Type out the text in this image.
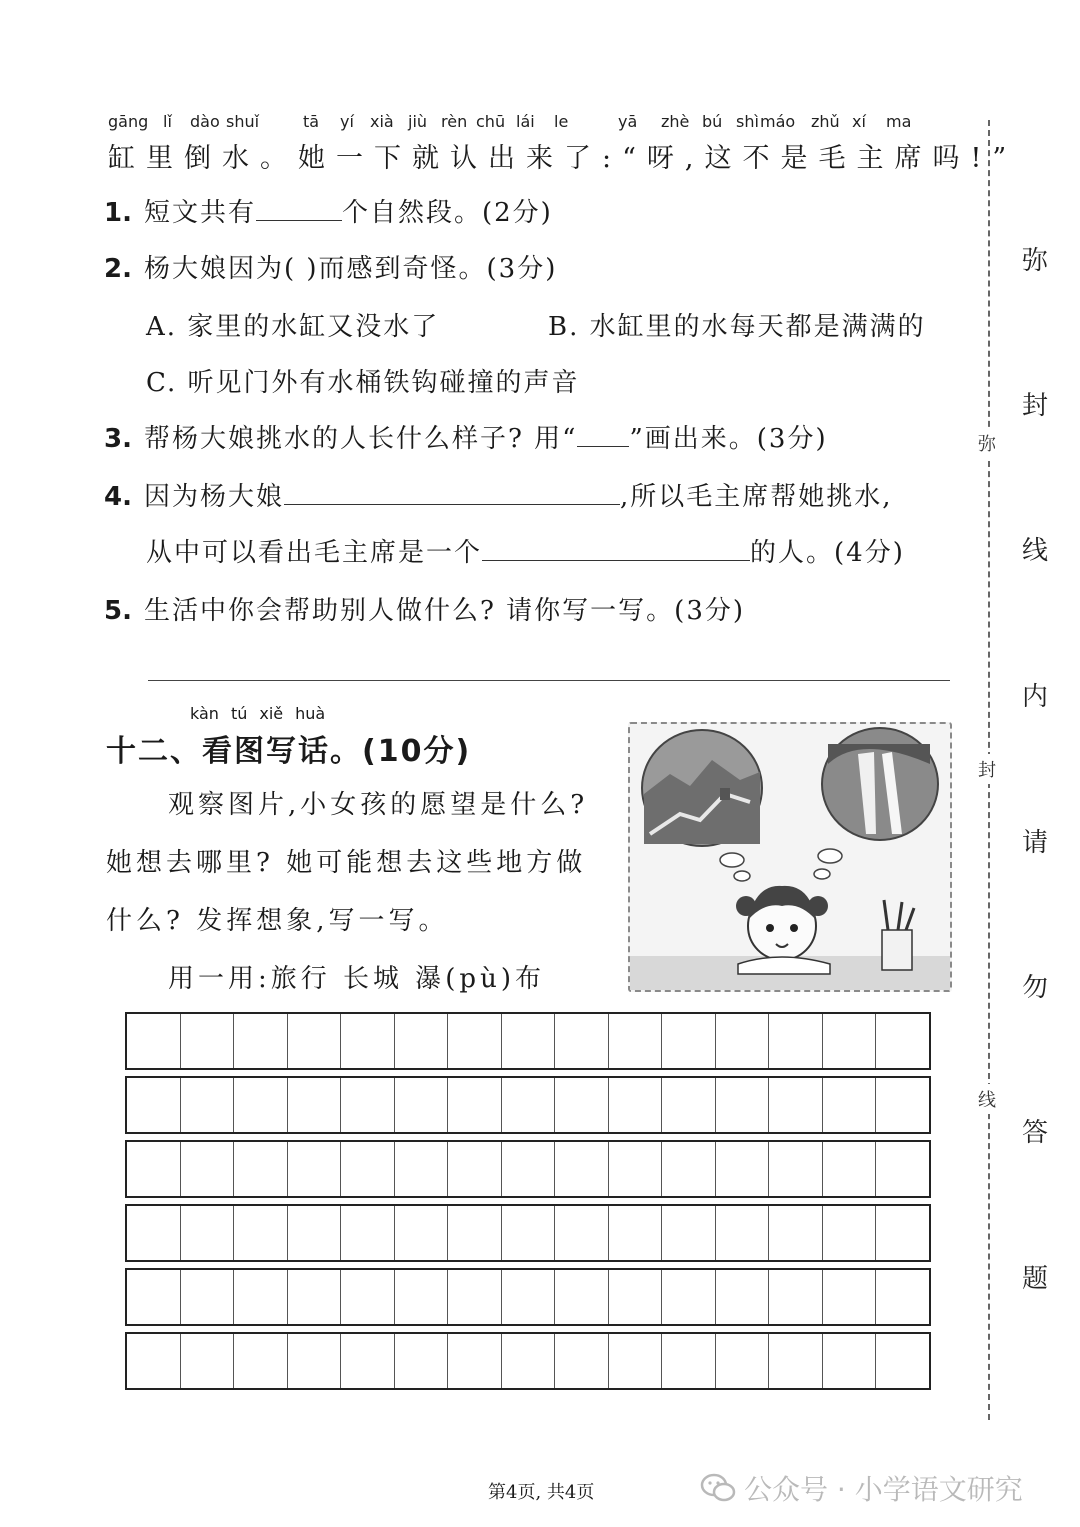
gāng lǐ dào shuǐ	tā yí xià jiù rèn chū lái le	yā zhè bú shì máo zhǔ xí ma
缸里倒水。她一下就认出来了:“呀,这不是毛主席吗!”
1. 短文共有	个自然段。(2分)
2. 杨大娘因为( )而感到奇怪。(3分)
A. 家里的水缸又没水了	B. 水缸里的水每天都是满满的
C. 听见门外有水桶铁钩碰撞的声音
3. 帮杨大娘挑水的人长什么样子? 用“ ”画出来。(3分)
4. 因为杨大娘	,所以毛主席帮她挑水,
从中可以看出毛主席是一个	的人。(4分)
5. 生活中你会帮助别人做什么? 请你写一写。(3分)
kàn tú xiě huà
十二、看图写话。(10分)
观察图片,小女孩的愿望是什么?
她想去哪里? 她可能想去这些地方做
什么? 发挥想象,写一写。
用一用:旅行 长城 瀑(pù)布
弥
封
线
弥
封
线
内
请
勿
答
题
第4页, 共4页	公众号 · 小学语文研究
